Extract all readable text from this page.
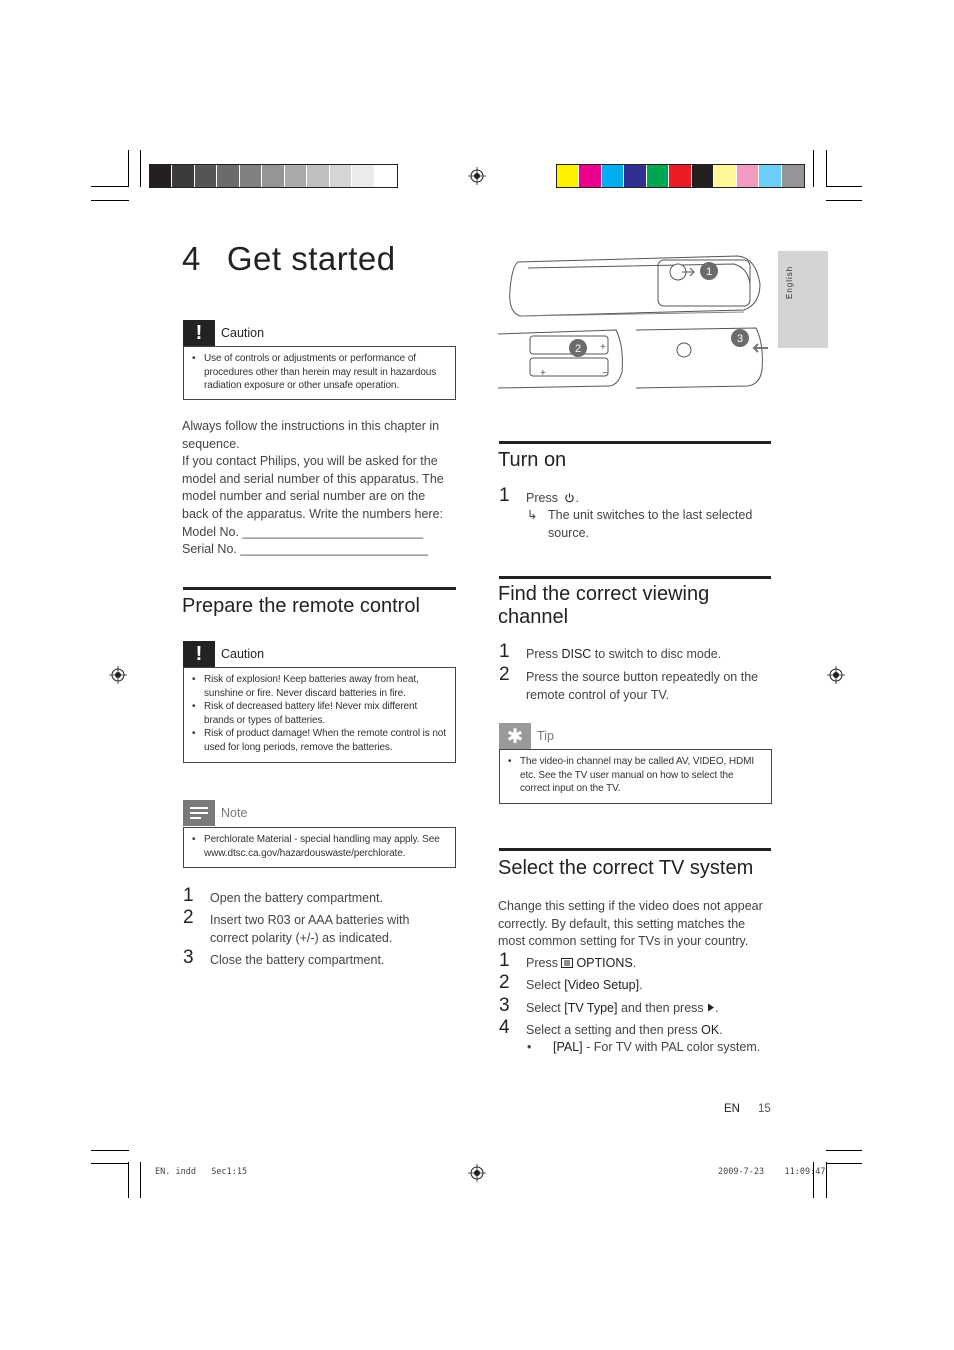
English
4 Get started
!	Caution
• Use of controls or adjustments or performance of procedures other than herein may result in hazardous radiation exposure or other unsafe operation.
Always follow the instructions in this chapter in
sequence.
If you contact Philips, you will be asked for the
model and serial number of this apparatus. The
model number and serial number are on the
back of the apparatus. Write the numbers here:
Model No. __________________________
Serial No. ___________________________
Prepare the remote control
!	Caution
• Risk of explosion! Keep batteries away from heat, sunshine or fire. Never discard batteries in fire.
• Risk of decreased battery life! Never mix different brands or types of batteries.
• Risk of product damage! When the remote control is not used for long periods, remove the batteries.
Note
• Perchlorate Material - special handling may apply. See www.dtsc.ca.gov/hazardouswaste/perchlorate.
1 Open the battery compartment.
2 Insert two R03 or AAA batteries with correct polarity (+/-) as indicated.
3 Close the battery compartment.
1
2
3
+
+	−
Turn on
1 Press .
↳ The unit switches to the last selected source.
Find the correct viewing
channel
1 Press DISC to switch to disc mode.
2 Press the source button repeatedly on the remote control of your TV.
✱	Tip
• The video-in channel may be called AV, VIDEO, HDMI etc. See the TV user manual on how to select the correct input on the TV.
Select the correct TV system
Change this setting if the video does not appear correctly. By default, this setting matches the most common setting for TVs in your country.
1 Press OPTIONS.
2 Select [Video Setup].
3 Select [TV Type] and then press .
4 Select a setting and then press OK.
• [PAL] - For TV with PAL color system.
EN 15
EN. indd   Sec1:15	2009-7-23    11:09:47
